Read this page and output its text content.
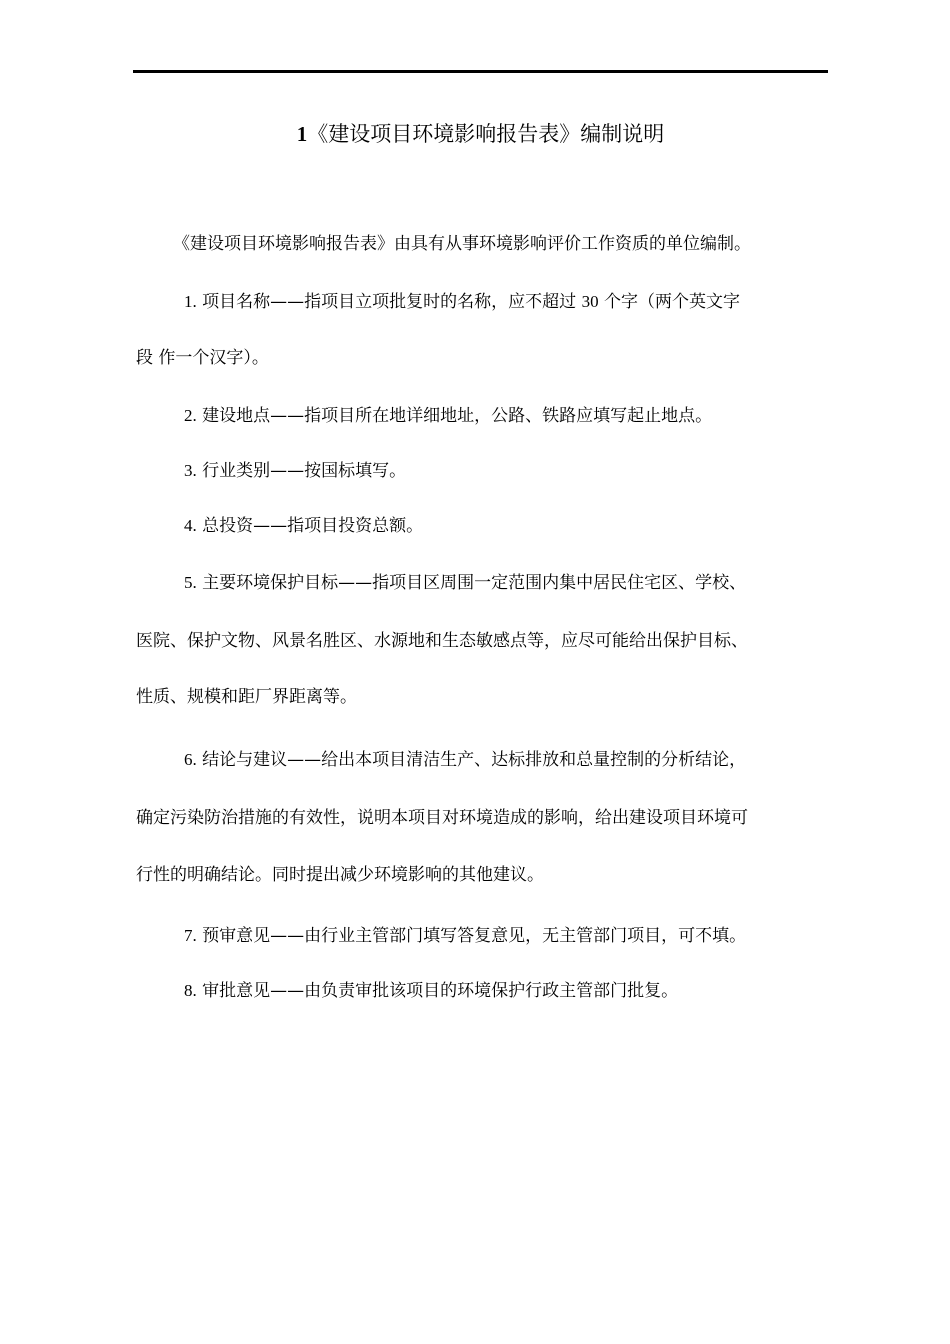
1《建设项目环境影响报告表》编制说明
《建设项目环境影响报告表》由具有从事环境影响评价工作资质的单位编制。
1. 项目名称——指项目立项批复时的名称，应不超过 30 个字（两个英文字
段 作一个汉字）。
2. 建设地点——指项目所在地详细地址，公路、铁路应填写起止地点。
3. 行业类别——按国标填写。
4. 总投资——指项目投资总额。
5. 主要环境保护目标——指项目区周围一定范围内集中居民住宅区、学校、
医院、保护文物、风景名胜区、水源地和生态敏感点等，应尽可能给出保护目标、
性质、规模和距厂界距离等。
6. 结论与建议——给出本项目清洁生产、达标排放和总量控制的分析结论，
确定污染防治措施的有效性，说明本项目对环境造成的影响，给出建设项目环境可
行性的明确结论。同时提出减少环境影响的其他建议。
7. 预审意见——由行业主管部门填写答复意见，无主管部门项目，可不填。
8. 审批意见——由负责审批该项目的环境保护行政主管部门批复。
